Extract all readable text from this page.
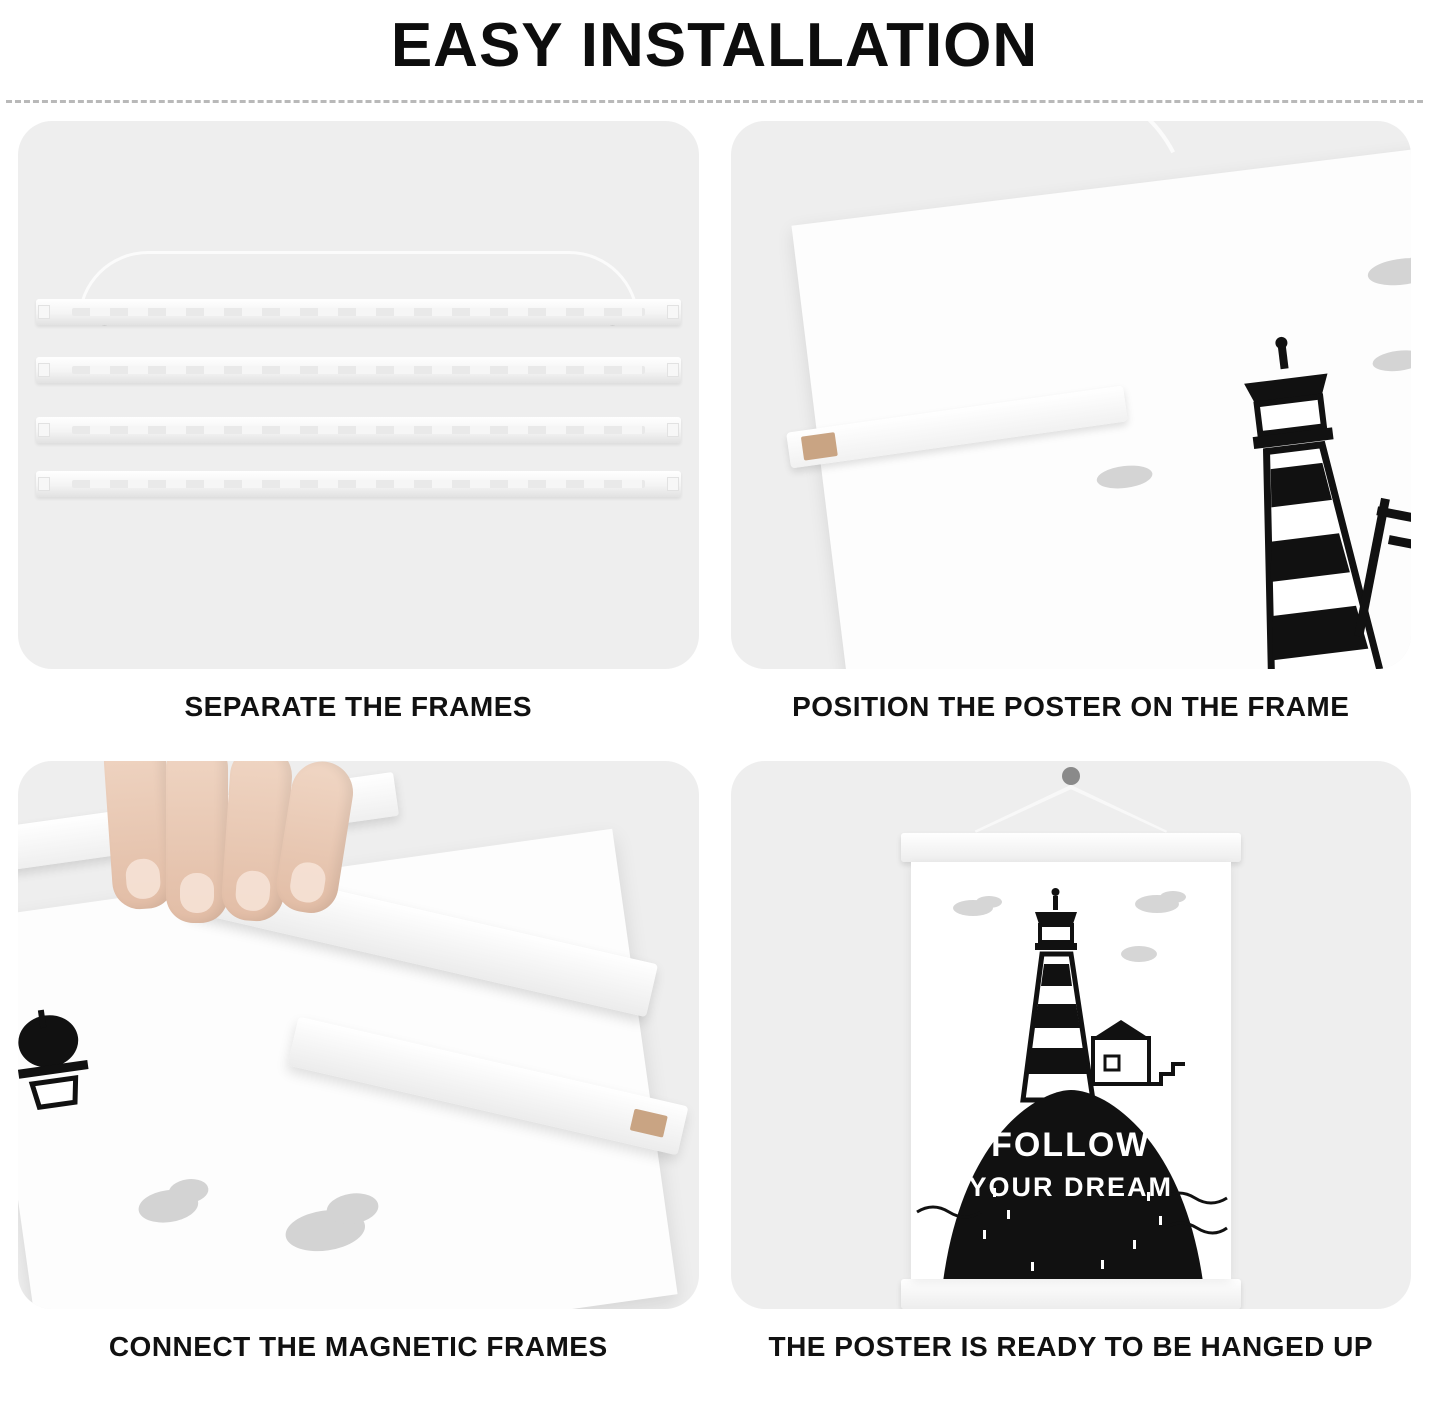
EASY INSTALLATION
SEPARATE THE FRAMES	POSITION THE POSTER ON THE FRAME
CONNECT THE MAGNETIC FRAMES
FOLLOW
YOUR DREAM
THE POSTER IS READY TO BE HANGED UP
